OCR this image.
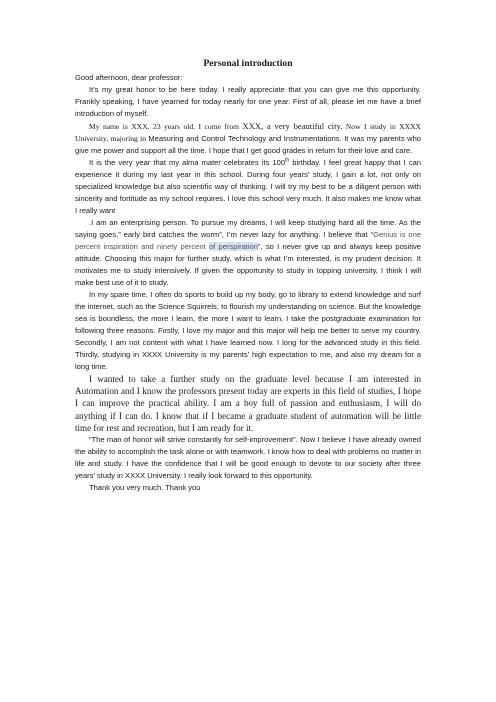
Personal introduction

Good afternoon, dear professor:

It’s my great honor to be here today. I really appreciate that you can give me this opportunity. Frankly speaking, I have yearned for today nearly for one year. First of all, please let me have a brief introduction of myself.

My name is XXX. 23 years old. I come from XXX, a very beautiful city. Now I study in XXXX University, majoring in Measuring and Control Technology and Instrumentations. It was my parents who give me power and support all the time. I hope that I get good grades in return for their love and care.

It is the very year that my alma mater celebrates its 100th birthday. I feel great happy that I can experience it during my last year in this school. During four years’ study, I gain a lot, not only on specialized knowledge but also scientific way of thinking. I will try my best to be a diligent person with sincerity and fortitude as my school requires. I love this school very much. It also makes me know what I really want

.I am an enterprising person. To pursue my dreams, I will keep studying hard all the time. As the saying goes,” early bird catches the worm”, I’m never lazy for anything. I believe that “Genius is one percent inspiration and ninety percent of perspiration”, so I never give up and always keep positive attitude. Choosing this major for further study, which is what I’m interested, is my prudent decision. It motivates me to study intensively. If given the opportunity to study in topping university, I think I will make best use of it to study.

In my spare time, I often do sports to build up my body, go to library to extend knowledge and surf the internet, such as the Science Squirrels, to flourish my understanding on science. But the knowledge sea is boundless, the more I learn, the more I want to learn. I take the postgraduate examination for following three reasons. Firstly, I love my major and this major will help me better to serve my country. Secondly, I am not content with what I have learned now. I long for the advanced study in this field. Thirdly, studying in XXXX University is my parents’ high expectation to me, and also my dream for a long time.

I wanted to take a further study on the graduate level because I am interested in Automation and I know the professors present today are experts in this field of studies, I hope I can improve the practical ability. I am a boy full of passion and enthusiasm, I will do anything if I can do. I know that if I became a graduate student of automation will be little time for rest and recreation, but I am ready for it.

“The man of honor will strive constantly for self-improvement”. Now I believe I have already owned the ability to accomplish the task alone or with teamwork. I know how to deal with problems no matter in life and study. I have the confidence that I will be good enough to devote to our society after three years’ study in XXXX University. I really look forward to this opportunity.

Thank you very much. Thank you
